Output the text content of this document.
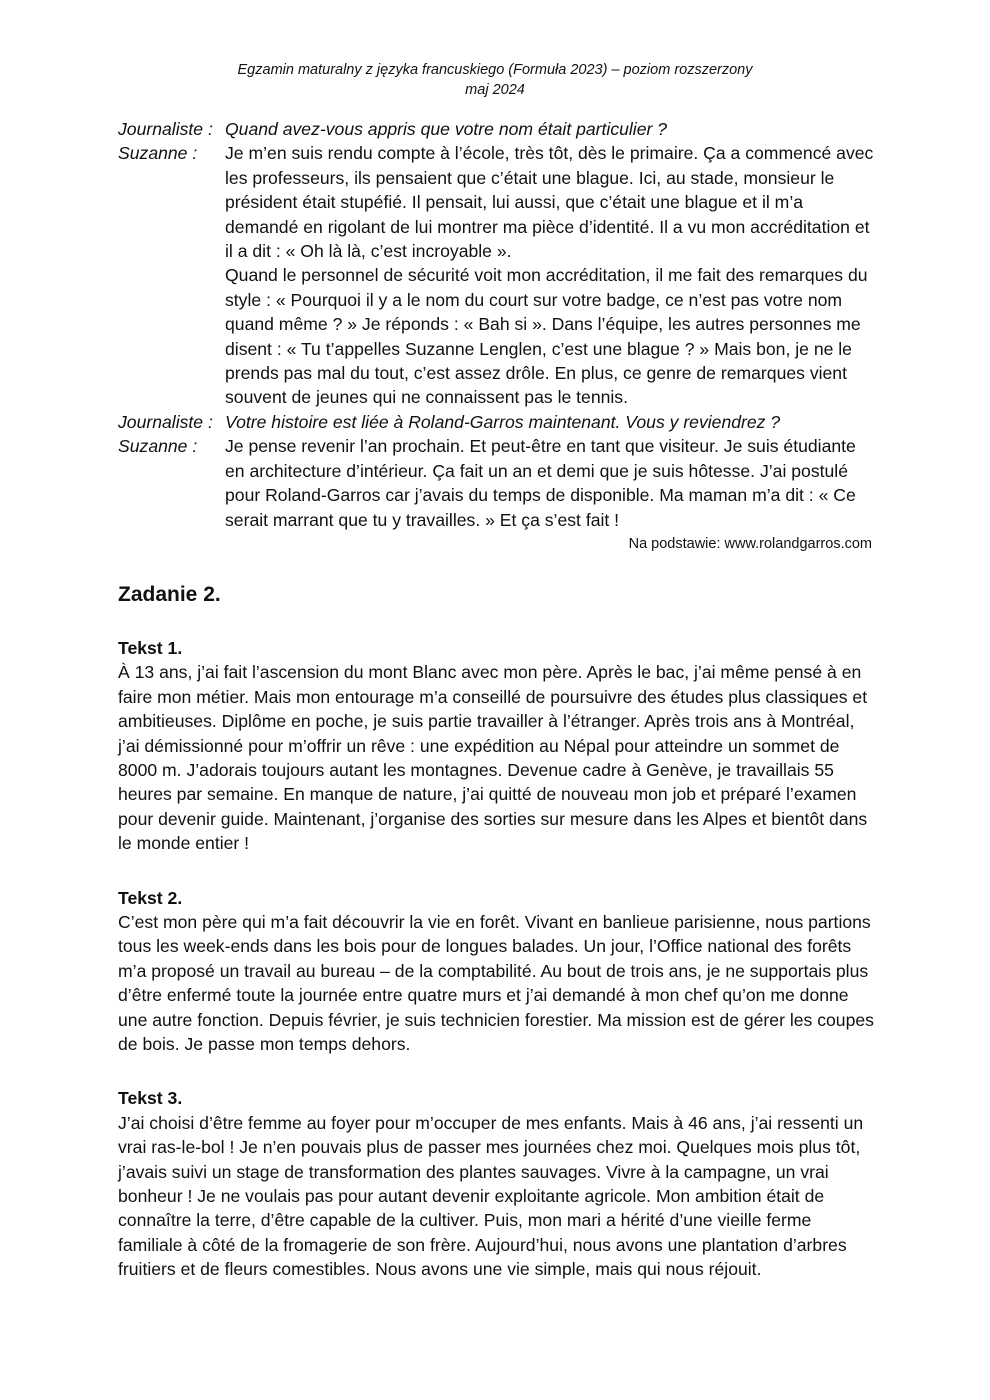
Egzamin maturalny z języka francuskiego (Formuła 2023) – poziom rozszerzony
maj 2024
Journaliste : Quand avez-vous appris que votre nom était particulier ?

Suzanne :	Je m’en suis rendu compte à l’école, très tôt, dès le primaire. Ça a commencé avec les professeurs, ils pensaient que c’était une blague. Ici, au stade, monsieur le président était stupéfié. Il pensait, lui aussi, que c’était une blague et il m’a demandé en rigolant de lui montrer ma pièce d’identité. Il a vu mon accréditation et il a dit : « Oh là là, c’est incroyable ».

Quand le personnel de sécurité voit mon accréditation, il me fait des remarques du style : « Pourquoi il y a le nom du court sur votre badge, ce n’est pas votre nom quand même ? » Je réponds : « Bah si ». Dans l’équipe, les autres personnes me disent : « Tu t’appelles Suzanne Lenglen, c’est une blague ? » Mais bon, je ne le prends pas mal du tout, c’est assez drôle. En plus, ce genre de remarques vient souvent de jeunes qui ne connaissent pas le tennis.

Journaliste : Votre histoire est liée à Roland-Garros maintenant. Vous y reviendrez ?

Suzanne :	Je pense revenir l’an prochain. Et peut-être en tant que visiteur. Je suis étudiante en architecture d’intérieur. Ça fait un an et demi que je suis hôtesse. J’ai postulé pour Roland-Garros car j’avais du temps de disponible. Ma maman m’a dit : « Ce serait marrant que tu y travailles. » Et ça s’est fait !

Na podstawie: www.rolandgarros.com
Zadanie 2.
Tekst 1.

À 13 ans, j’ai fait l’ascension du mont Blanc avec mon père. Après le bac, j’ai même pensé à en faire mon métier. Mais mon entourage m’a conseillé de poursuivre des études plus classiques et ambitieuses. Diplôme en poche, je suis partie travailler à l’étranger. Après trois ans à Montréal, j’ai démissionné pour m’offrir un rêve : une expédition au Népal pour atteindre un sommet de 8000 m. J’adorais toujours autant les montagnes. Devenue cadre à Genève, je travaillais 55 heures par semaine. En manque de nature, j’ai quitté de nouveau mon job et préparé l’examen pour devenir guide. Maintenant, j’organise des sorties sur mesure dans les Alpes et bientôt dans le monde entier !

Tekst 2.

C’est mon père qui m’a fait découvrir la vie en forêt. Vivant en banlieue parisienne, nous partions tous les week-ends dans les bois pour de longues balades. Un jour, l’Office national des forêts m’a proposé un travail au bureau – de la comptabilité. Au bout de trois ans, je ne supportais plus d’être enfermé toute la journée entre quatre murs et j’ai demandé à mon chef qu’on me donne une autre fonction. Depuis février, je suis technicien forestier. Ma mission est de gérer les coupes de bois. Je passe mon temps dehors.

Tekst 3.

J’ai choisi d’être femme au foyer pour m’occuper de mes enfants. Mais à 46 ans, j’ai ressenti un vrai ras-le-bol ! Je n’en pouvais plus de passer mes journées chez moi. Quelques mois plus tôt, j’avais suivi un stage de transformation des plantes sauvages. Vivre à la campagne, un vrai bonheur ! Je ne voulais pas pour autant devenir exploitante agricole. Mon ambition était de connaître la terre, d’être capable de la cultiver. Puis, mon mari a hérité d’une vieille ferme familiale à côté de la fromagerie de son frère. Aujourd’hui, nous avons une plantation d’arbres fruitiers et de fleurs comestibles. Nous avons une vie simple, mais qui nous réjouit.
